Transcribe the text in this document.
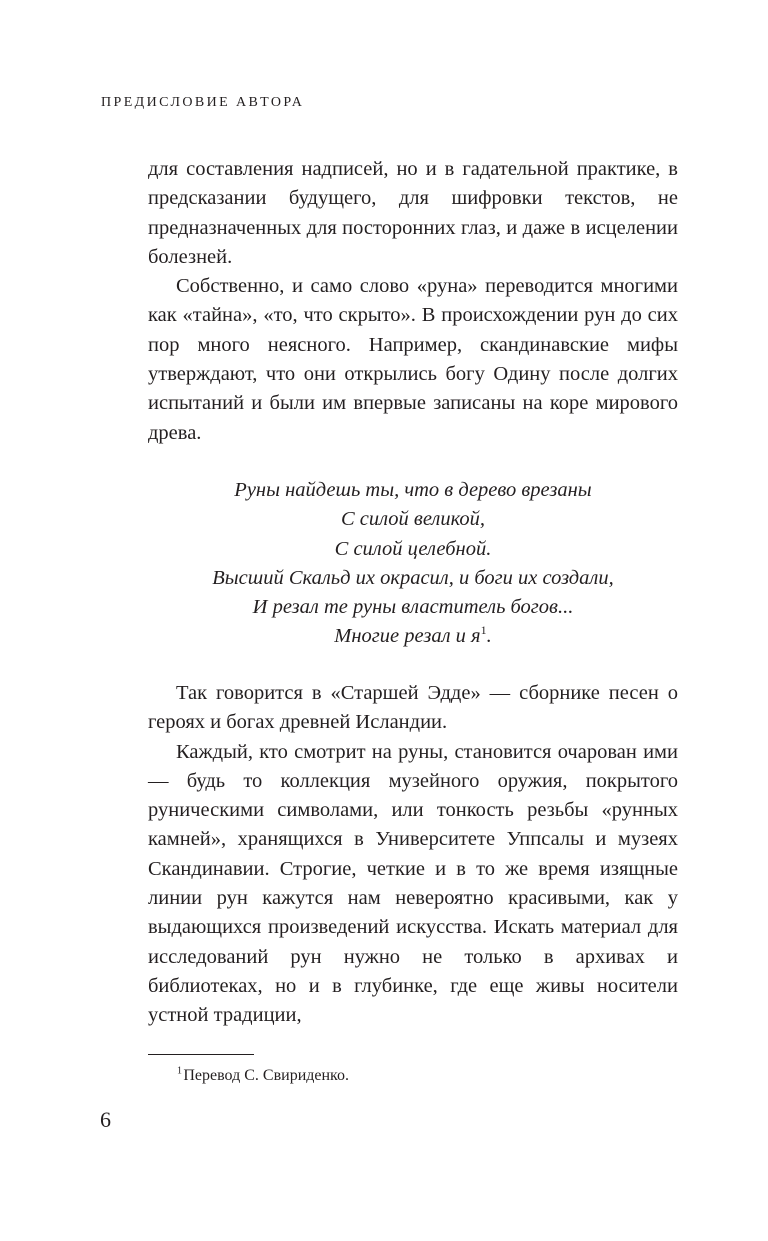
ПРЕДИСЛОВИЕ АВТОРА

для составления надписей, но и в гадательной практике, в предсказании будущего, для шифровки текстов, не предназначенных для посторонних глаз, и даже в исцелении болезней.

Собственно, и само слово «руна» переводится многими как «тайна», «то, что скрыто». В происхождении рун до сих пор много неясного. Например, скандинавские мифы утверждают, что они открылись богу Одину после долгих испытаний и были им впервые записаны на коре мирового древа.

Руны найдешь ты, что в дерево врезаны
С силой великой,
С силой целебной.
Высший Скальд их окрасил, и боги их создали,
И резал те руны властитель богов...
Многие резал и $я^1$.

Так говорится в «Старшей Эдде» — сборнике песен о героях и богах древней Исландии.

Каждый, кто смотрит на руны, становится очарован ими — будь то коллекция музейного оружия, покрытого руническими символами, или тонкость резьбы «рунных камней», хранящихся в Университете Уппсалы и музеях Скандинавии. Строгие, четкие и в то же время изящные линии рун кажутся нам невероятно красивыми, как у выдающихся произведений искусства. Искать материал для исследований рун нужно не только в архивах и библиотеках, но и в глубинке, где еще живы носители устной традиции,

$^1$ Перевод С. Свириденко.
6
